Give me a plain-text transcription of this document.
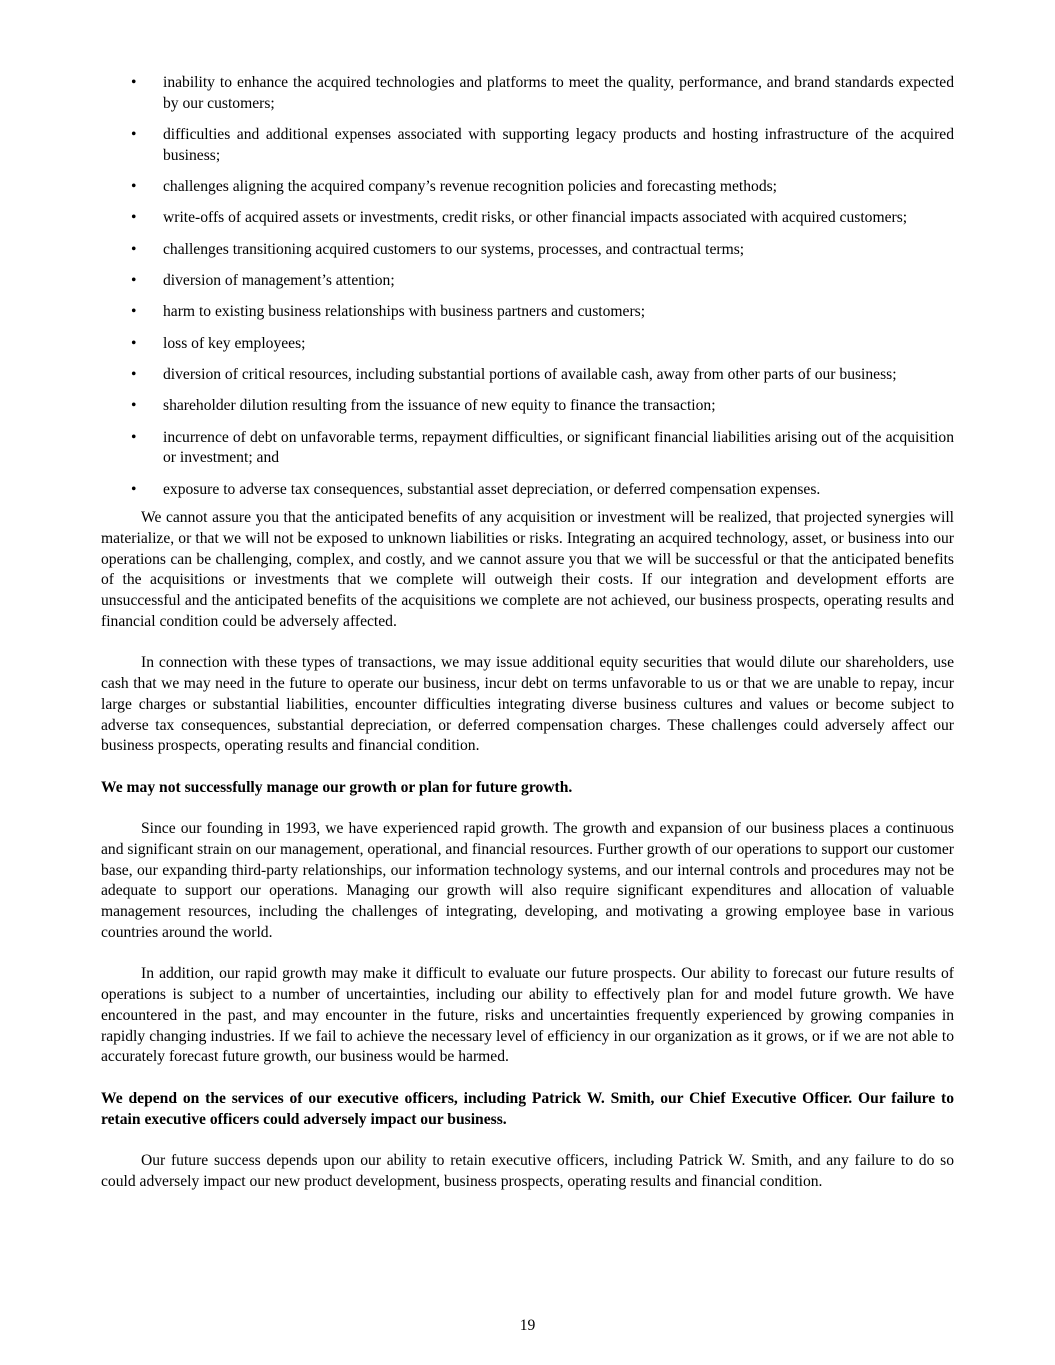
• inability to enhance the acquired technologies and platforms to meet the quality, performance, and brand standards expected by our customers;
• difficulties and additional expenses associated with supporting legacy products and hosting infrastructure of the acquired business;
• challenges aligning the acquired company’s revenue recognition policies and forecasting methods;
• write-offs of acquired assets or investments, credit risks, or other financial impacts associated with acquired customers;
• challenges transitioning acquired customers to our systems, processes, and contractual terms;
• diversion of management’s attention;
• harm to existing business relationships with business partners and customers;
• loss of key employees;
• diversion of critical resources, including substantial portions of available cash, away from other parts of our business;
• shareholder dilution resulting from the issuance of new equity to finance the transaction;
• incurrence of debt on unfavorable terms, repayment difficulties, or significant financial liabilities arising out of the acquisition or investment; and
• exposure to adverse tax consequences, substantial asset depreciation, or deferred compensation expenses.

We cannot assure you that the anticipated benefits of any acquisition or investment will be realized, that projected synergies will materialize, or that we will not be exposed to unknown liabilities or risks. Integrating an acquired technology, asset, or business into our operations can be challenging, complex, and costly, and we cannot assure you that we will be successful or that the anticipated benefits of the acquisitions or investments that we complete will outweigh their costs. If our integration and development efforts are unsuccessful and the anticipated benefits of the acquisitions we complete are not achieved, our business prospects, operating results and financial condition could be adversely affected.

In connection with these types of transactions, we may issue additional equity securities that would dilute our shareholders, use cash that we may need in the future to operate our business, incur debt on terms unfavorable to us or that we are unable to repay, incur large charges or substantial liabilities, encounter difficulties integrating diverse business cultures and values or become subject to adverse tax consequences, substantial depreciation, or deferred compensation charges. These challenges could adversely affect our business prospects, operating results and financial condition.

We may not successfully manage our growth or plan for future growth.

Since our founding in 1993, we have experienced rapid growth. The growth and expansion of our business places a continuous and significant strain on our management, operational, and financial resources. Further growth of our operations to support our customer base, our expanding third-party relationships, our information technology systems, and our internal controls and procedures may not be adequate to support our operations. Managing our growth will also require significant expenditures and allocation of valuable management resources, including the challenges of integrating, developing, and motivating a growing employee base in various countries around the world.

In addition, our rapid growth may make it difficult to evaluate our future prospects. Our ability to forecast our future results of operations is subject to a number of uncertainties, including our ability to effectively plan for and model future growth. We have encountered in the past, and may encounter in the future, risks and uncertainties frequently experienced by growing companies in rapidly changing industries. If we fail to achieve the necessary level of efficiency in our organization as it grows, or if we are not able to accurately forecast future growth, our business would be harmed.

We depend on the services of our executive officers, including Patrick W. Smith, our Chief Executive Officer. Our failure to retain executive officers could adversely impact our business.

Our future success depends upon our ability to retain executive officers, including Patrick W. Smith, and any failure to do so could adversely impact our new product development, business prospects, operating results and financial condition.

19
